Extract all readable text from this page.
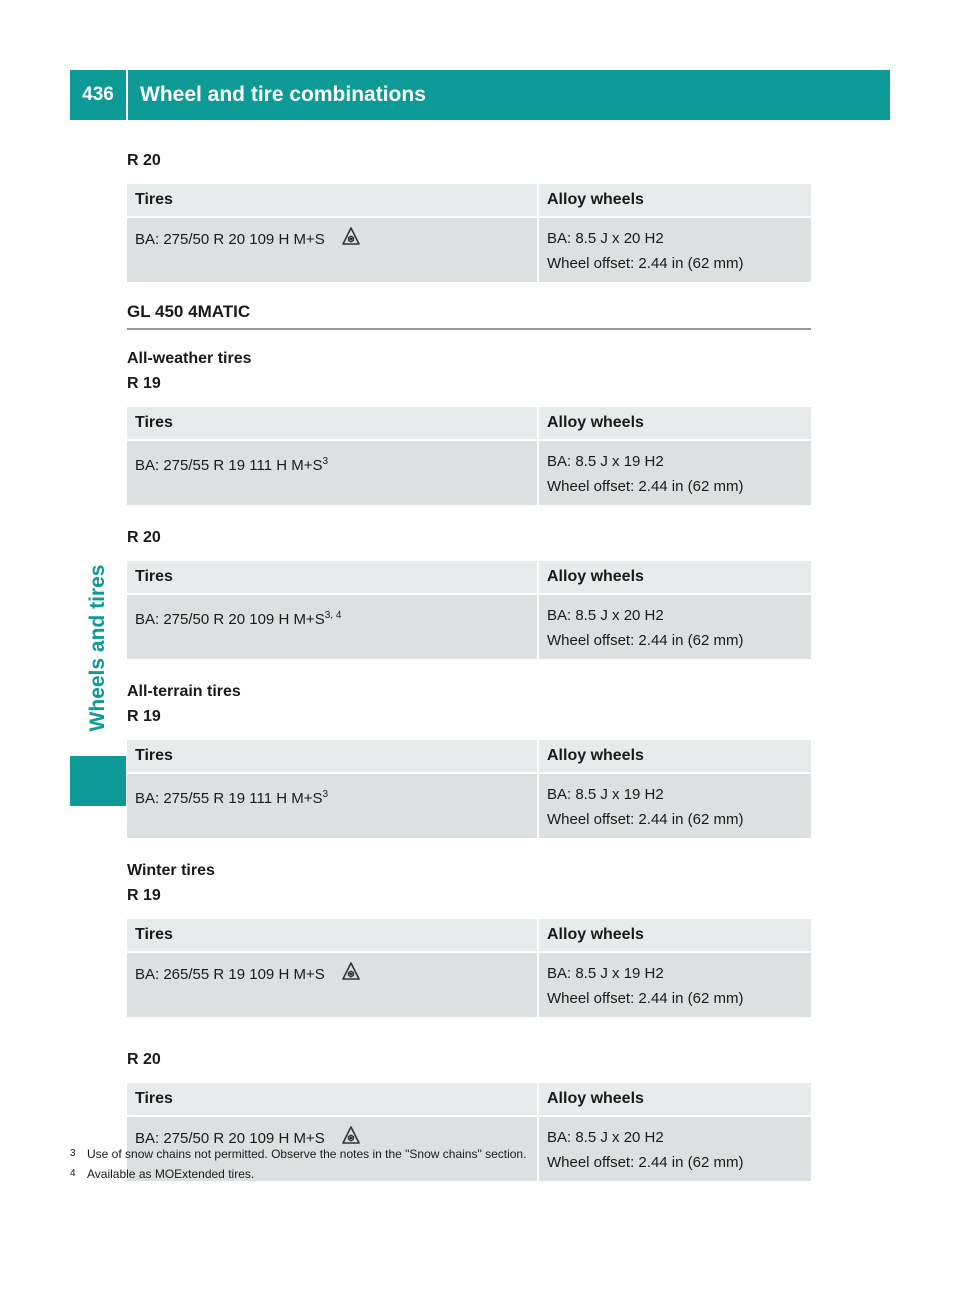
436	Wheel and tire combinations
Wheels and tires

R 20

Tires	Alloy wheels
BA: 275/50 R 20 109 H M+S	BA: 8.5 J x 20 H2
Wheel offset: 2.44 in (62 mm)
GL 450 4MATIC

All-weather tires

R 19

Tires	Alloy wheels
BA: 275/55 R 19 111 H $M+S^3$	BA: 8.5 J x 19 H2
Wheel offset: 2.44 in (62 mm)

R 20

Tires	Alloy wheels
BA: 275/50 R 20 109 H $M+S^{3, 4}$	BA: 8.5 J x 20 H2
Wheel offset: 2.44 in (62 mm)

All-terrain tires

R 19

Tires	Alloy wheels
BA: 275/55 R 19 111 H $M+S^3$	BA: 8.5 J x 19 H2
Wheel offset: 2.44 in (62 mm)

Winter tires

R 19

Tires	Alloy wheels
BA: 265/55 R 19 109 H M+S	BA: 8.5 J x 19 H2
Wheel offset: 2.44 in (62 mm)

R 20

Tires	Alloy wheels
BA: 275/50 R 20 109 H M+S	BA: 8.5 J x 20 H2
Wheel offset: 2.44 in (62 mm)
3 Use of snow chains not permitted. Observe the notes in the "Snow chains" section.
4 Available as MOExtended tires.
